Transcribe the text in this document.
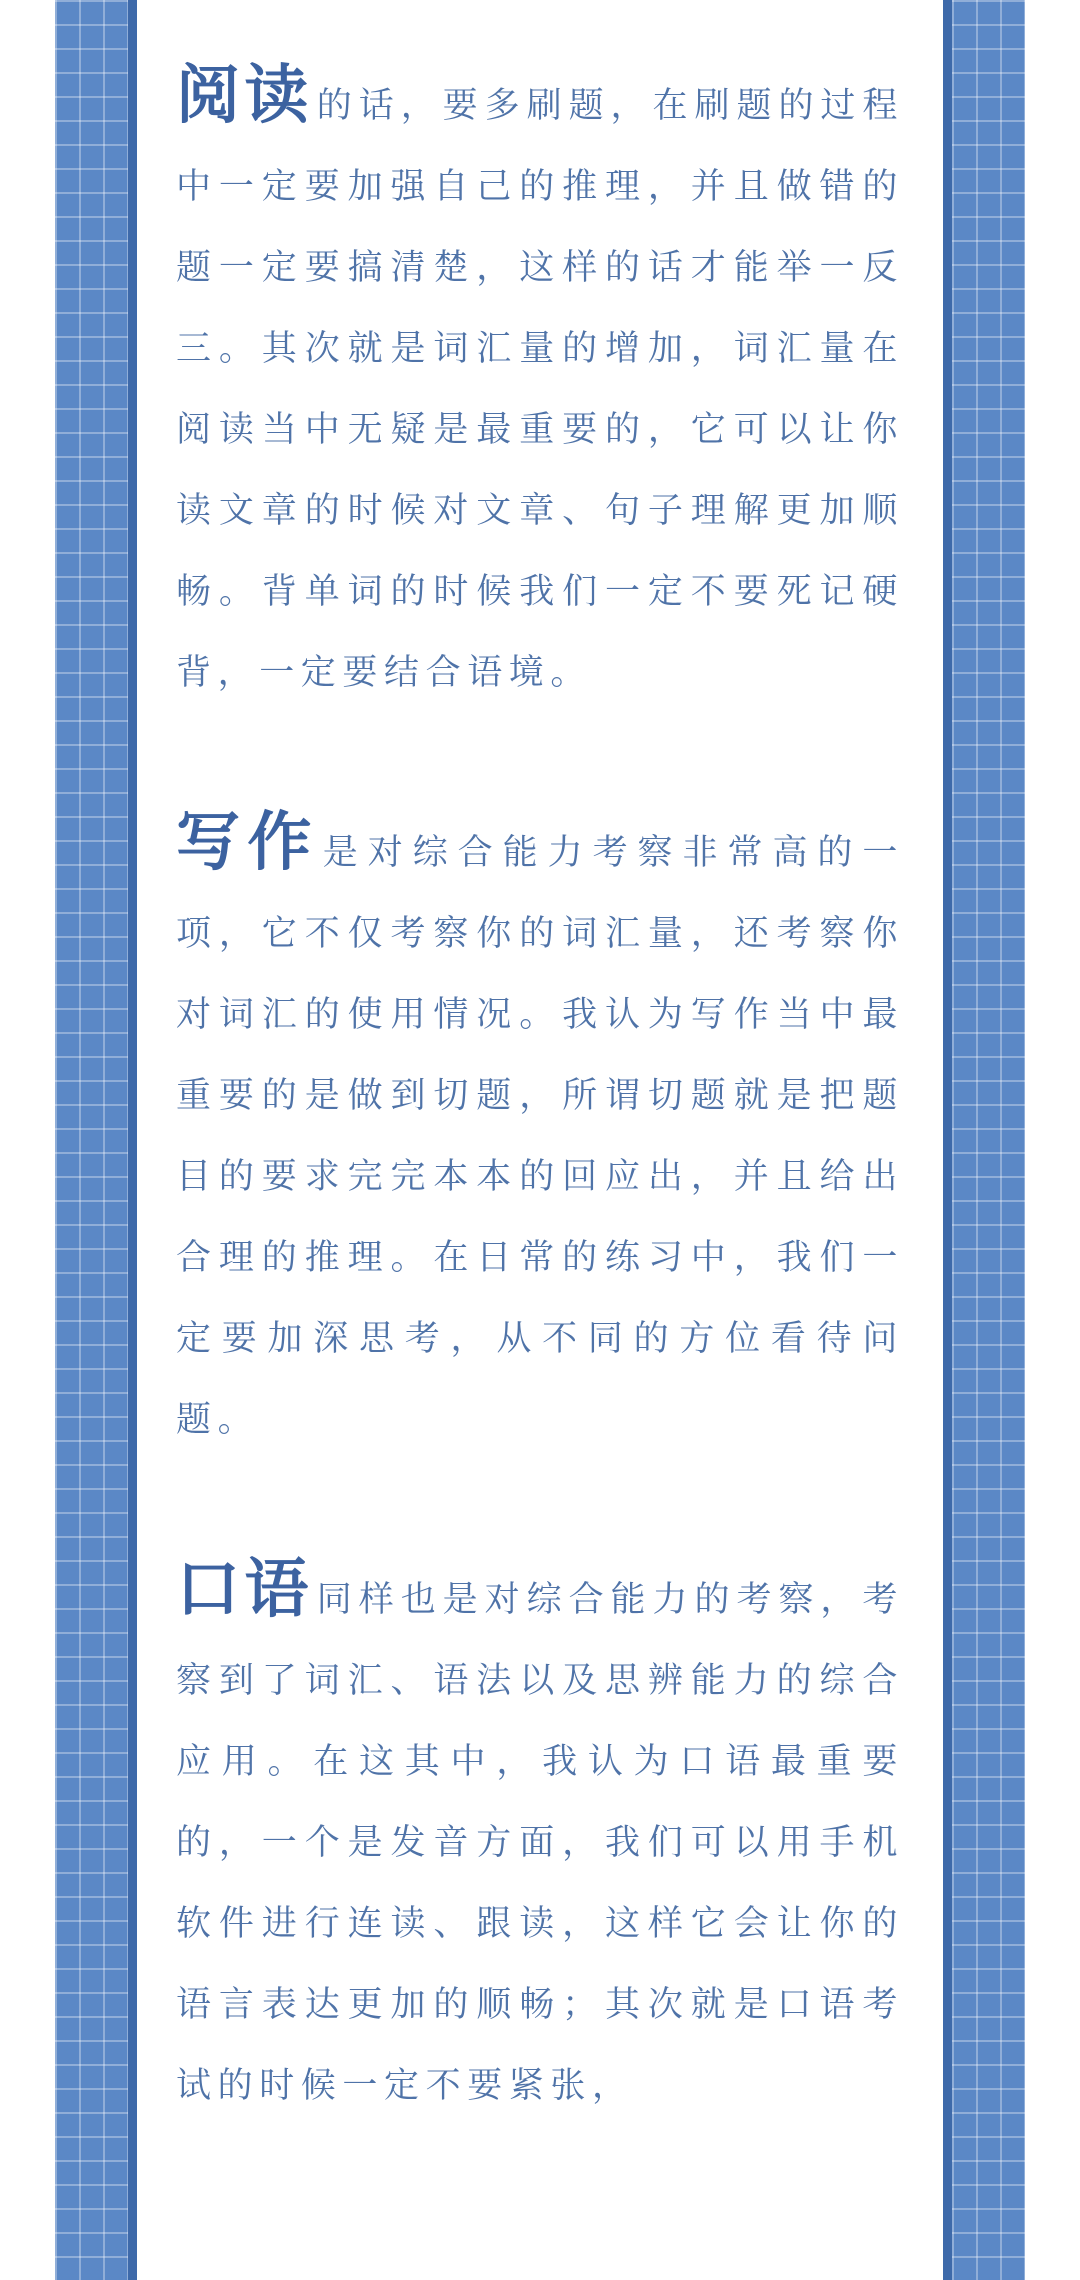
阅读 的话，要多刷题，在刷题的过程中一定要加强自己的推理，并且做错的题一定要搞清楚，这样的话才能举一反三。其次就是词汇量的增加，词汇量在阅读当中无疑是最重要的，它可以让你读文章的时候对文章、句子理解更加顺畅。背单词的时候我们一定不要死记硬背，一定要结合语境。

写作 是对综合能力考察非常高的一项，它不仅考察你的词汇量，还考察你对词汇的使用情况。我认为写作当中最重要的是做到切题，所谓切题就是把题目的要求完完本本的回应出，并且给出合理的推理。在日常的练习中，我们一定要加深思考，从不同的方位看待问题。

口语 同样也是对综合能力的考察，考察到了词汇、语法以及思辨能力的综合应用。在这其中，我认为口语最重要的，一个是发音方面，我们可以用手机软件进行连读、跟读，这样它会让你的语言表达更加的顺畅；其次就是口语考试的时候一定不要紧张，
